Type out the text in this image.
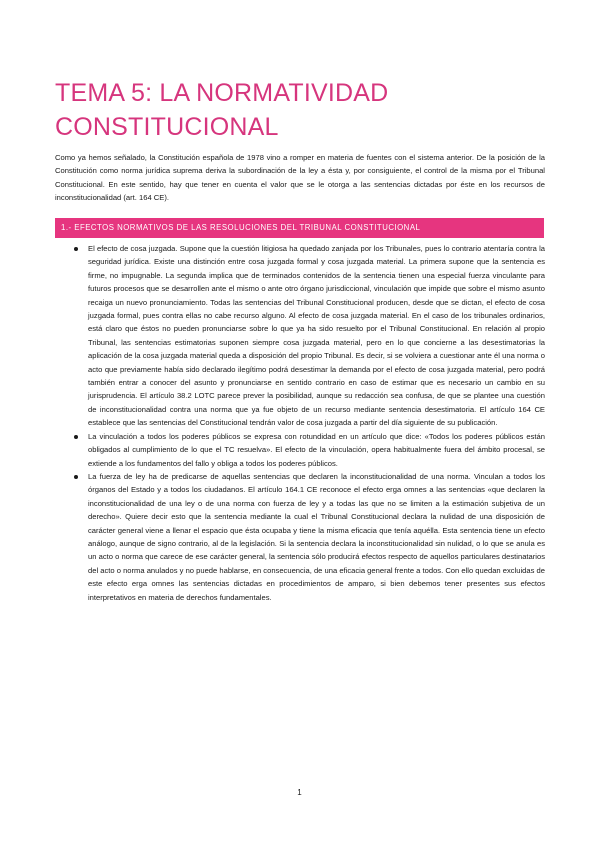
TEMA 5: LA NORMATIVIDAD CONSTITUCIONAL

Como ya hemos señalado, la Constitución española de 1978 vino a romper en materia de fuentes con el sistema anterior. De la posición de la Constitución como norma jurídica suprema deriva la subordinación de la ley a ésta y, por consiguiente, el control de la misma por el Tribunal Constitucional. En este sentido, hay que tener en cuenta el valor que se le otorga a las sentencias dictadas por éste en los recursos de inconstitucionalidad (art. 164 CE).

1.- EFECTOS NORMATIVOS DE LAS RESOLUCIONES DEL TRIBUNAL CONSTITUCIONAL

El efecto de cosa juzgada. Supone que la cuestión litigiosa ha quedado zanjada por los Tribunales, pues lo contrario atentaría contra la seguridad jurídica. Existe una distinción entre cosa juzgada formal y cosa juzgada material. La primera supone que la sentencia es firme, no impugnable. La segunda implica que de terminados contenidos de la sentencia tienen una especial fuerza vinculante para futuros procesos que se desarrollen ante el mismo o ante otro órgano jurisdiccional, vinculación que impide que sobre el mismo asunto recaiga un nuevo pronunciamiento. Todas las sentencias del Tribunal Constitucional producen, desde que se dictan, el efecto de cosa juzgada formal, pues contra ellas no cabe recurso alguno. Al efecto de cosa juzgada material. En el caso de los tribunales ordinarios, está claro que éstos no pueden pronunciarse sobre lo que ya ha sido resuelto por el Tribunal Constitucional. En relación al propio Tribunal, las sentencias estimatorias suponen siempre cosa juzgada material, pero en lo que concierne a las desestimatorias la aplicación de la cosa juzgada material queda a disposición del propio Tribunal. Es decir, si se volviera a cuestionar ante él una norma o acto que previamente había sido declarado ilegítimo podrá desestimar la demanda por el efecto de cosa juzgada material, pero podrá también entrar a conocer del asunto y pronunciarse en sentido contrario en caso de estimar que es necesario un cambio en su jurisprudencia. El artículo 38.2 LOTC parece prever la posibilidad, aunque su redacción sea confusa, de que se plantee una cuestión de inconstitucionalidad contra una norma que ya fue objeto de un recurso mediante sentencia desestimatoria. El artículo 164 CE establece que las sentencias del Constitucional tendrán valor de cosa juzgada a partir del día siguiente de su publicación.

La vinculación a todos los poderes públicos se expresa con rotundidad en un artículo que dice: «Todos los poderes públicos están obligados al cumplimiento de lo que el TC resuelva». El efecto de la vinculación, opera habitualmente fuera del ámbito procesal, se extiende a los fundamentos del fallo y obliga a todos los poderes públicos.

La fuerza de ley ha de predicarse de aquellas sentencias que declaren la inconstitucionalidad de una norma. Vinculan a todos los órganos del Estado y a todos los ciudadanos. El artículo 164.1 CE reconoce el efecto erga omnes a las sentencias «que declaren la inconstitucionalidad de una ley o de una norma con fuerza de ley y a todas las que no se limiten a la estimación subjetiva de un derecho». Quiere decir esto que la sentencia mediante la cual el Tribunal Constitucional declara la nulidad de una disposición de carácter general viene a llenar el espacio que ésta ocupaba y tiene la misma eficacia que tenía aquélla. Esta sentencia tiene un efecto análogo, aunque de signo contrario, al de la legislación. Si la sentencia declara la inconstitucionalidad sin nulidad, o lo que se anula es un acto o norma que carece de ese carácter general, la sentencia sólo producirá efectos respecto de aquellos particulares destinatarios del acto o norma anulados y no puede hablarse, en consecuencia, de una eficacia general frente a todos. Con ello quedan excluidas de este efecto erga omnes las sentencias dictadas en procedimientos de amparo, si bien debemos tener presentes sus efectos interpretativos en materia de derechos fundamentales.

1
